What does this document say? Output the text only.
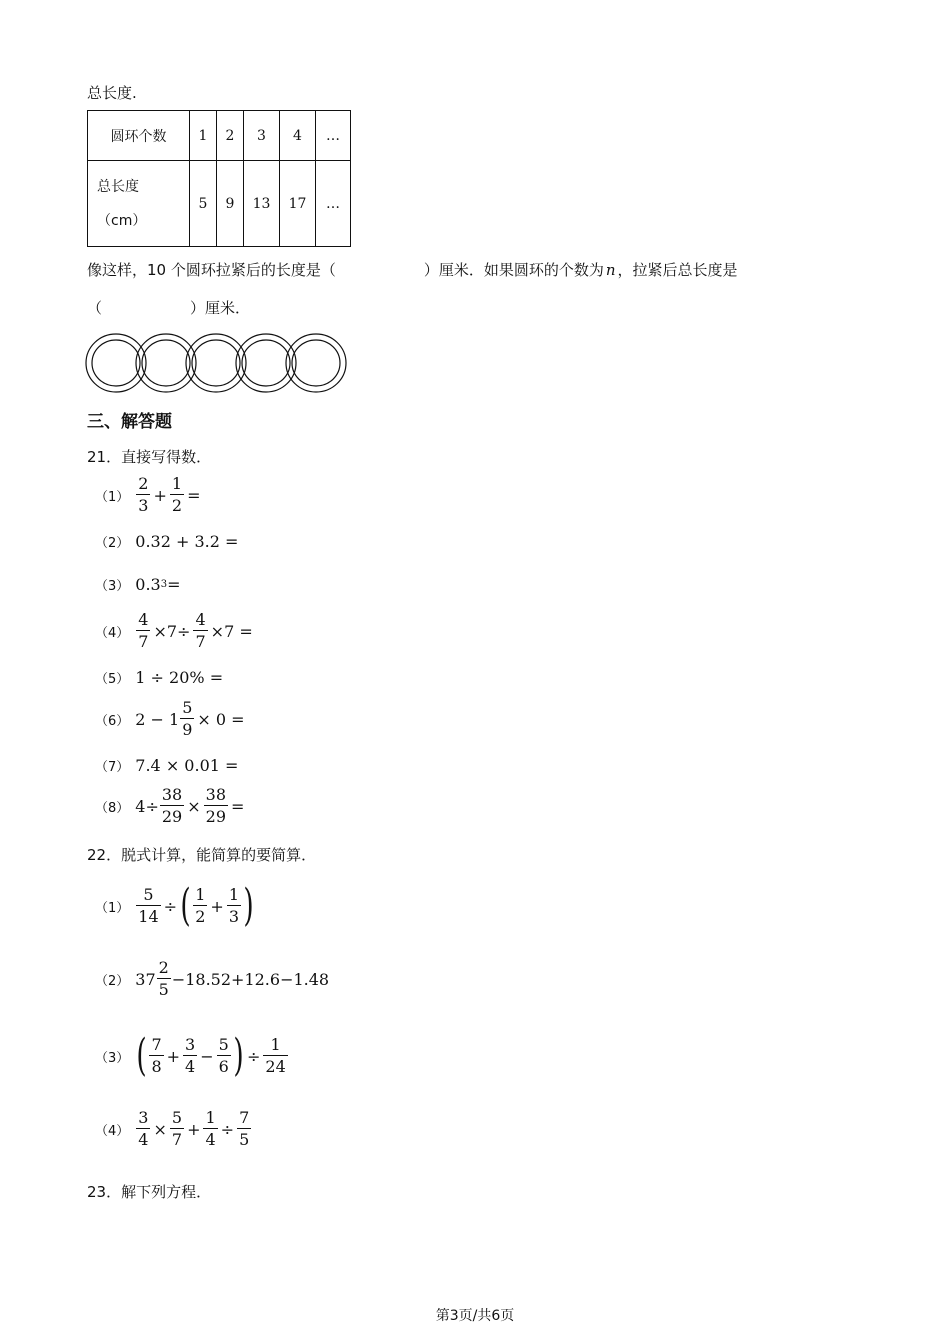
总长度.
圆环个数	1	2	3	4	…

总长度
（cm）	5	9	13	17	…
像这样，10 个圆环拉紧后的长度是（	）厘米．如果圆环的个数为 n ，拉紧后总长度是
（	）厘米．
三、解答题
21．直接写得数．
$(1) \frac{2}{3} + \frac{1}{2}$ =
（2） 0.32 + 3.2 =
（3） 0.3 3 =
$(4) \frac{4}{7} \times 7\div \frac{4}{7} \times 7$ =
（5） 1 ÷ 20% =
（6） $2 - 1 \frac{5}{9} \times 0$ =
（7） 7.4 × 0.01 =
（8） $4\div \frac{38}{29} \times \frac{38}{29}$ =
22．脱式计算，能简算的要简算．
$(1) \frac{5}{14}$ ÷ ( $\frac{1}{2} + \frac{1}{3}$ )
（2） $37 \frac{2}{5} -18.52+12.6-1.48$
（3） ( $\frac{7}{8} + \frac{3}{4} - \frac{5}{6}$ ) ÷ $\frac{1}{24}$
$(4) \frac{3}{4} \times \frac{5}{7} + \frac{1}{4} \div \frac{7}{5}$
23．解下列方程．
第3页/共6页
